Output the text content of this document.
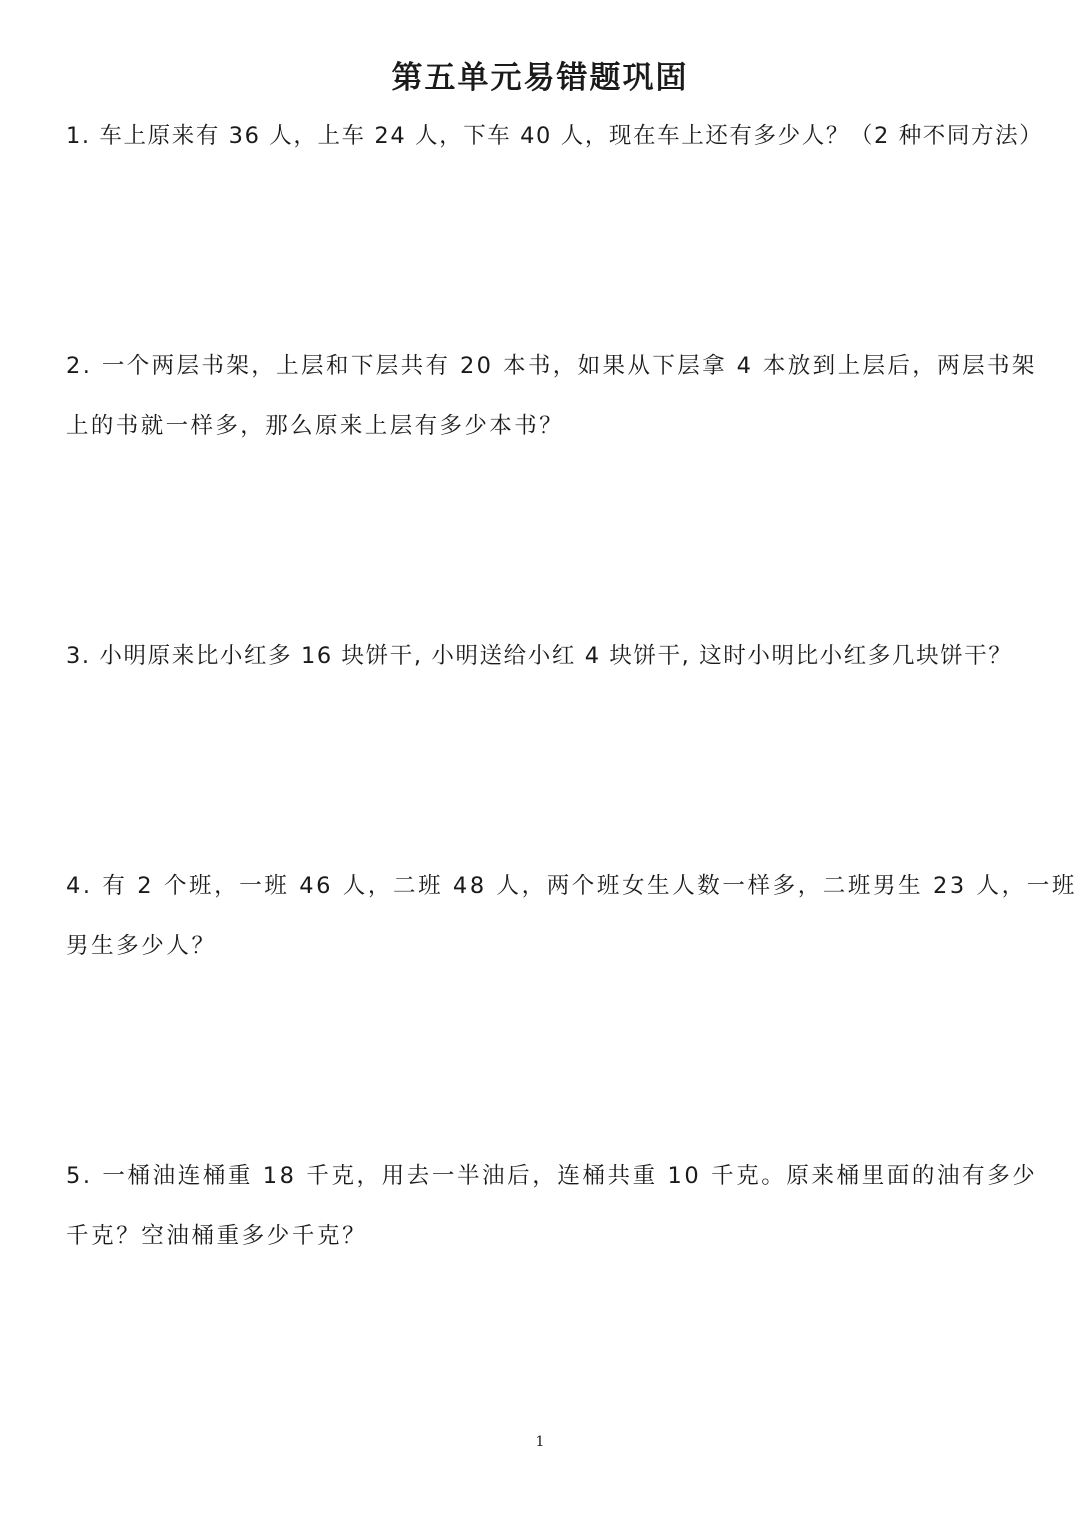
第五单元易错题巩固
1. 车上原来有 36 人，上车 24 人，下车 40 人，现在车上还有多少人？（2 种不同方法）
2. 一个两层书架，上层和下层共有 20 本书，如果从下层拿 4 本放到上层后，两层书架
上的书就一样多，那么原来上层有多少本书？
3. 小明原来比小红多 16 块饼干, 小明送给小红 4 块饼干, 这时小明比小红多几块饼干？
4. 有 2 个班，一班 46 人，二班 48 人，两个班女生人数一样多，二班男生 23 人，一班
男生多少人？
5. 一桶油连桶重 18 千克，用去一半油后，连桶共重 10 千克。原来桶里面的油有多少
千克？空油桶重多少千克？
1
